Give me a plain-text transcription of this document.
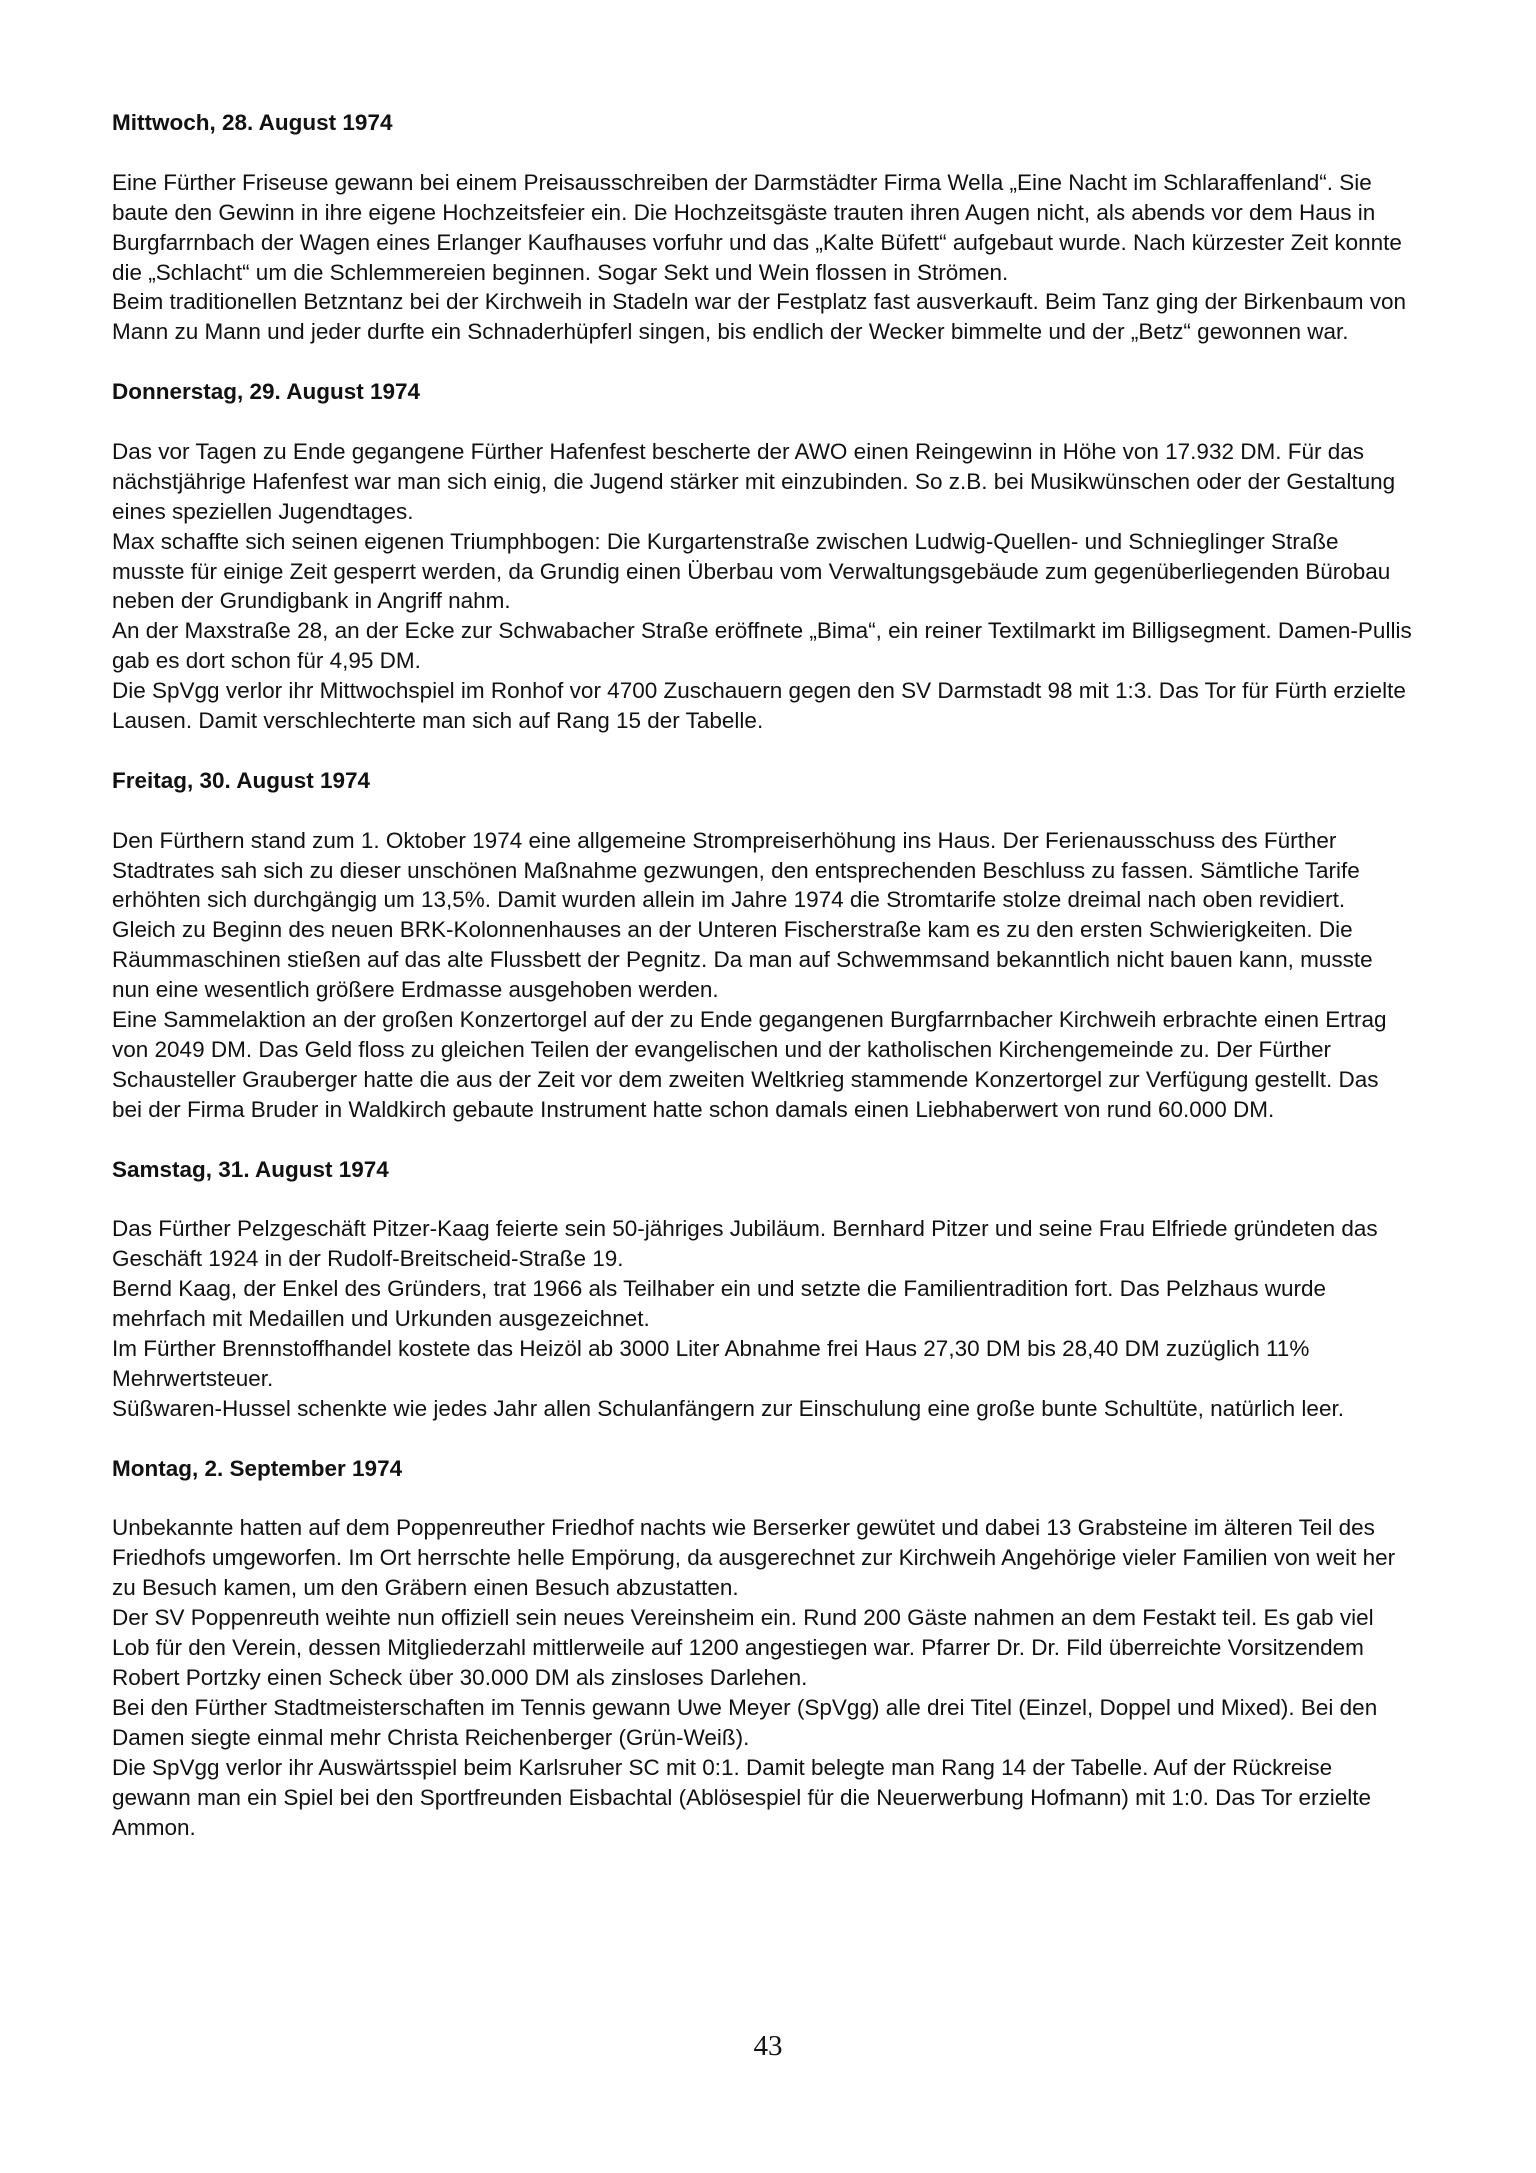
Mittwoch, 28. August 1974

Eine Fürther Friseuse gewann bei einem Preisausschreiben der Darmstädter Firma Wella „Eine Nacht im Schlaraffenland“. Sie baute den Gewinn in ihre eigene Hochzeitsfeier ein. Die Hochzeitsgäste trauten ihren Augen nicht, als abends vor dem Haus in Burgfarrnbach der Wagen eines Erlanger Kaufhauses vorfuhr und das „Kalte Büfett“ aufgebaut wurde. Nach kürzester Zeit konnte die „Schlacht“ um die Schlemmereien beginnen. Sogar Sekt und Wein flossen in Strömen.

Beim traditionellen Betzntanz bei der Kirchweih in Stadeln war der Festplatz fast ausverkauft. Beim Tanz ging der Birkenbaum von Mann zu Mann und jeder durfte ein Schnaderhüpferl singen, bis endlich der Wecker bimmelte und der „Betz“ gewonnen war.

Donnerstag, 29. August 1974

Das vor Tagen zu Ende gegangene Fürther Hafenfest bescherte der AWO einen Reingewinn in Höhe von 17.932 DM. Für das nächstjährige Hafenfest war man sich einig, die Jugend stärker mit einzubinden. So z.B. bei Musikwünschen oder der Gestaltung eines speziellen Jugendtages.

Max schaffte sich seinen eigenen Triumphbogen: Die Kurgartenstraße zwischen Ludwig-Quellen- und Schnieglinger Straße musste für einige Zeit gesperrt werden, da Grundig einen Überbau vom Verwaltungsgebäude zum gegenüberliegenden Bürobau neben der Grundigbank in Angriff nahm.

An der Maxstraße 28, an der Ecke zur Schwabacher Straße eröffnete „Bima“, ein reiner Textilmarkt im Billigsegment. Damen-Pullis gab es dort schon für 4,95 DM.

Die SpVgg verlor ihr Mittwochspiel im Ronhof vor 4700 Zuschauern gegen den SV Darmstadt 98 mit 1:3. Das Tor für Fürth erzielte Lausen. Damit verschlechterte man sich auf Rang 15 der Tabelle.

Freitag, 30. August 1974

Den Fürthern stand zum 1. Oktober 1974 eine allgemeine Strompreiserhöhung ins Haus. Der Ferienausschuss des Fürther Stadtrates sah sich zu dieser unschönen Maßnahme gezwungen, den entsprechenden Beschluss zu fassen. Sämtliche Tarife erhöhten sich durchgängig um 13,5%. Damit wurden allein im Jahre 1974 die Stromtarife stolze dreimal nach oben revidiert.

Gleich zu Beginn des neuen BRK-Kolonnenhauses an der Unteren Fischerstraße kam es zu den ersten Schwierigkeiten. Die Räummaschinen stießen auf das alte Flussbett der Pegnitz. Da man auf Schwemmsand bekanntlich nicht bauen kann, musste nun eine wesentlich größere Erdmasse ausgehoben werden.

Eine Sammelaktion an der großen Konzertorgel auf der zu Ende gegangenen Burgfarrnbacher Kirchweih erbrachte einen Ertrag von 2049 DM. Das Geld floss zu gleichen Teilen der evangelischen und der katholischen Kirchengemeinde zu. Der Fürther Schausteller Grauberger hatte die aus der Zeit vor dem zweiten Weltkrieg stammende Konzertorgel zur Verfügung gestellt. Das bei der Firma Bruder in Waldkirch gebaute Instrument hatte schon damals einen Liebhaberwert von rund 60.000 DM.

Samstag, 31. August 1974

Das Fürther Pelzgeschäft Pitzer-Kaag feierte sein 50-jähriges Jubiläum. Bernhard Pitzer und seine Frau Elfriede gründeten das Geschäft 1924 in der Rudolf-Breitscheid-Straße 19.

Bernd Kaag, der Enkel des Gründers, trat 1966 als Teilhaber ein und setzte die Familientradition fort. Das Pelzhaus wurde mehrfach mit Medaillen und Urkunden ausgezeichnet.

Im Fürther Brennstoffhandel kostete das Heizöl ab 3000 Liter Abnahme frei Haus 27,30 DM bis 28,40 DM zuzüglich 11% Mehrwertsteuer.

Süßwaren-Hussel schenkte wie jedes Jahr allen Schulanfängern zur Einschulung eine große bunte Schultüte, natürlich leer.

Montag, 2. September 1974

Unbekannte hatten auf dem Poppenreuther Friedhof nachts wie Berserker gewütet und dabei 13 Grabsteine im älteren Teil des Friedhofs umgeworfen. Im Ort herrschte helle Empörung, da ausgerechnet zur Kirchweih Angehörige vieler Familien von weit her zu Besuch kamen, um den Gräbern einen Besuch abzustatten.

Der SV Poppenreuth weihte nun offiziell sein neues Vereinsheim ein. Rund 200 Gäste nahmen an dem Festakt teil. Es gab viel Lob für den Verein, dessen Mitgliederzahl mittlerweile auf 1200 angestiegen war. Pfarrer Dr. Dr. Fild überreichte Vorsitzendem Robert Portzky einen Scheck über 30.000 DM als zinsloses Darlehen.

Bei den Fürther Stadtmeisterschaften im Tennis gewann Uwe Meyer (SpVgg) alle drei Titel (Einzel, Doppel und Mixed). Bei den Damen siegte einmal mehr Christa Reichenberger (Grün-Weiß).

Die SpVgg verlor ihr Auswärtsspiel beim Karlsruher SC mit 0:1. Damit belegte man Rang 14 der Tabelle. Auf der Rückreise gewann man ein Spiel bei den Sportfreunden Eisbachtal (Ablösespiel für die Neuerwerbung Hofmann) mit 1:0. Das Tor erzielte Ammon.

43
